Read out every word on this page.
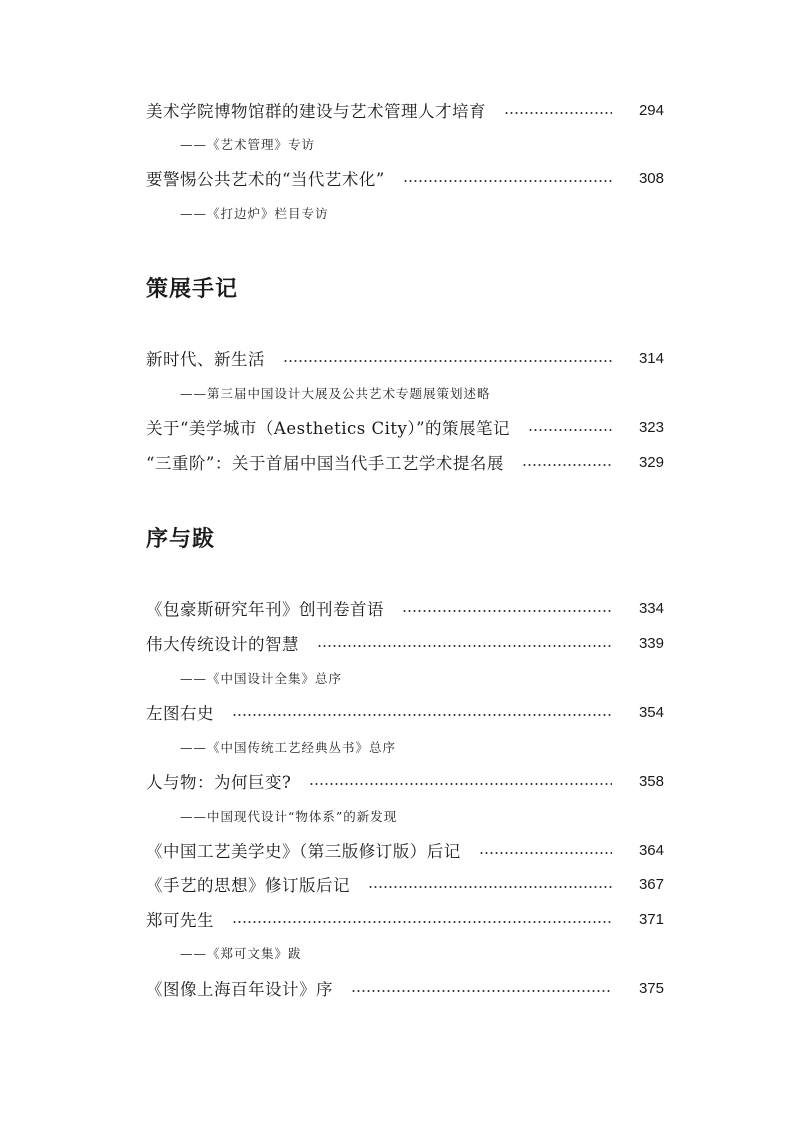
美术学院博物馆群的建设与艺术管理人才培育	294
——《艺术管理》专访
要警惕公共艺术的“当代艺术化”	308
——《打边炉》栏目专访
策展手记
新时代、新生活	314
——第三届中国设计大展及公共艺术专题展策划述略
关于“美学城市（Aesthetics City）”的策展笔记	323
“三重阶”：关于首届中国当代手工艺学术提名展	329
序与跋
《包豪斯研究年刊》创刊卷首语	334
伟大传统设计的智慧	339
——《中国设计全集》总序
左图右史	354
——《中国传统工艺经典丛书》总序
人与物：为何巨变?	358
——中国现代设计“物体系”的新发现
《中国工艺美学史》（第三版修订版）后记	364
《手艺的思想》修订版后记	367
郑可先生	371
——《郑可文集》跋
《图像上海百年设计》序	375
